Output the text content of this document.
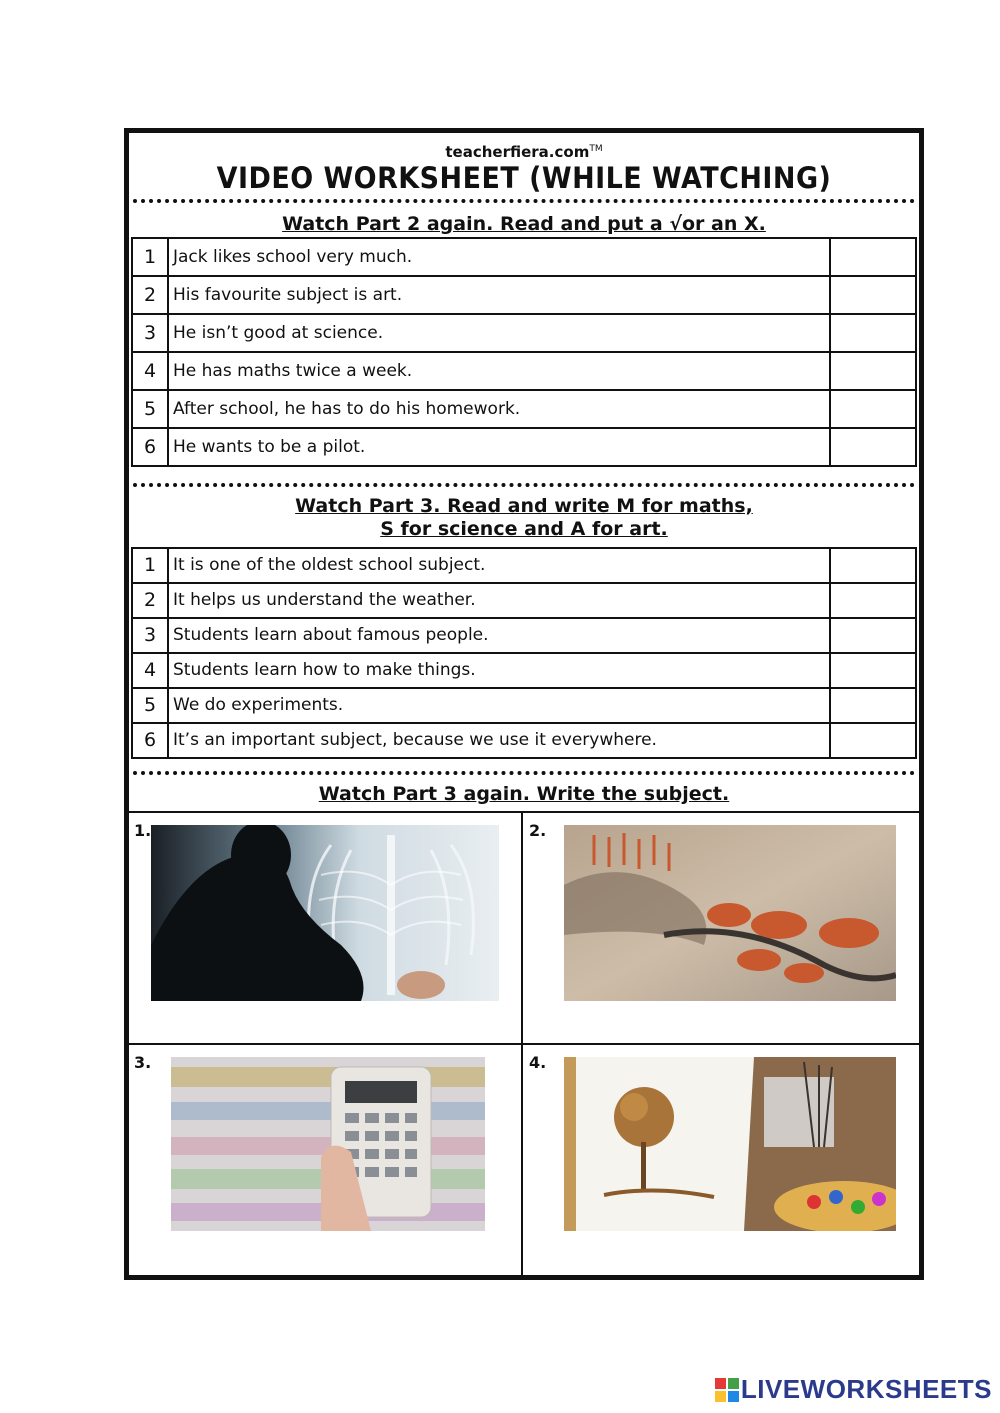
teacherfiera.com™
VIDEO WORKSHEET (WHILE WATCHING)
Watch Part 2 again. Read and put a √or an X.
1	Jack likes school very much.	
2	His favourite subject is art.	
3	He isn’t good at science.	
4	He has maths twice a week.	
5	After school, he has to do his homework.	
6	He wants to be a pilot.	
Watch Part 3. Read and write M for maths,
S for science and A for art.
1	It is one of the oldest school subject.	
2	It helps us understand the weather.	
3	Students learn about famous people.	
4	Students learn how to make things.	
5	We do experiments.	
6	It’s an important subject, because we use it everywhere.	
Watch Part 3 again. Write the subject.
1.	2.
3.	4.
LIVEWORKSHEETS
